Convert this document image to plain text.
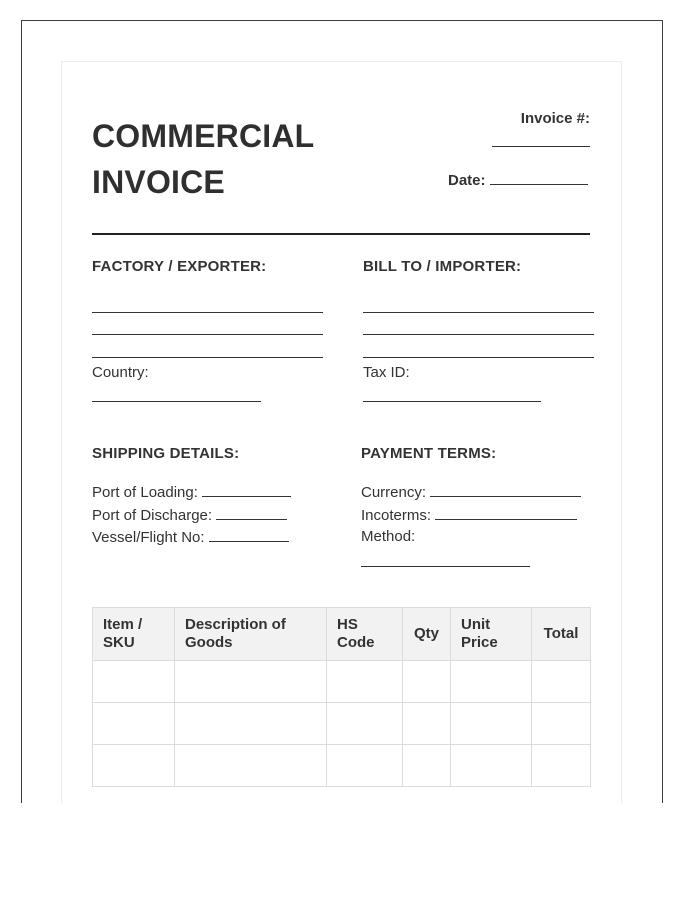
COMMERCIAL
INVOICE
Invoice #:
Date:
FACTORY / EXPORTER:
Country:
BILL TO / IMPORTER:
Tax ID:
SHIPPING DETAILS:
Port of Loading:
Port of Discharge:
Vessel/Flight No:
PAYMENT TERMS:
Currency:
Incoterms:
Method:
Item / SKU	Description of Goods	HS Code	Qty	Unit Price	Total
